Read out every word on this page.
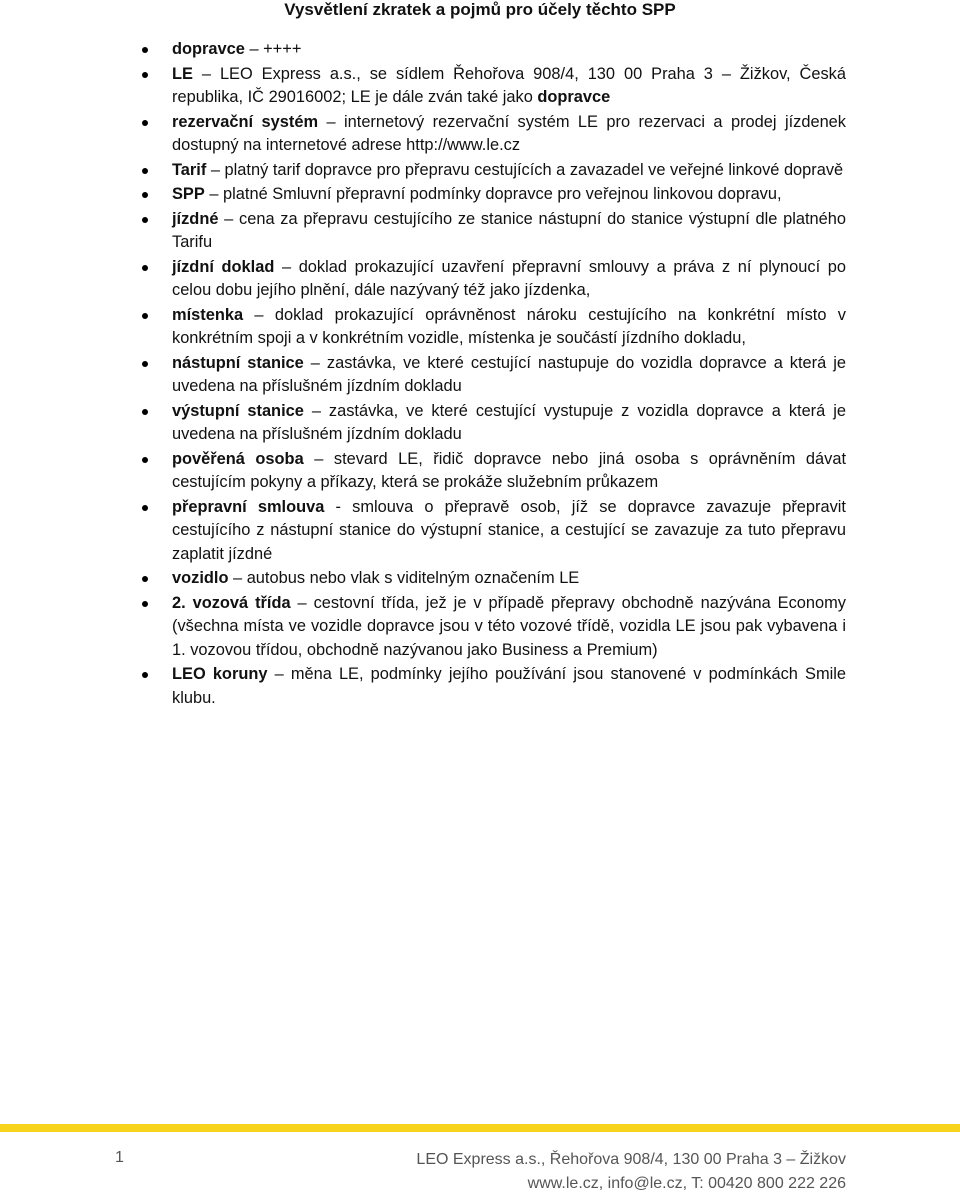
Vysvětlení zkratek a pojmů pro účely těchto SPP
dopravce – ++++
LE – LEO Express a.s., se sídlem Řehořova 908/4, 130 00 Praha 3 – Žižkov, Česká republika, IČ 29016002; LE je dále zván také jako dopravce
rezervační systém – internetový rezervační systém LE pro rezervaci a prodej jízdenek dostupný na internetové adrese http://www.le.cz
Tarif – platný tarif dopravce pro přepravu cestujících a zavazadel ve veřejné linkové dopravě
SPP – platné Smluvní přepravní podmínky dopravce pro veřejnou linkovou dopravu,
jízdné – cena za přepravu cestujícího ze stanice nástupní do stanice výstupní dle platného Tarifu
jízdní doklad – doklad prokazující uzavření přepravní smlouvy a práva z ní plynoucí po celou dobu jejího plnění, dále nazývaný též jako jízdenka,
místenka – doklad prokazující oprávněnost nároku cestujícího na konkrétní místo v konkrétním spoji a v konkrétním vozidle, místenka je součástí jízdního dokladu,
nástupní stanice – zastávka, ve které cestující nastupuje do vozidla dopravce a která je uvedena na příslušném jízdním dokladu
výstupní stanice – zastávka, ve které cestující vystupuje z vozidla dopravce a která je uvedena na příslušném jízdním dokladu
pověřená osoba – stevard LE, řidič dopravce nebo jiná osoba s oprávněním dávat cestujícím pokyny a příkazy, která se prokáže služebním průkazem
přepravní smlouva - smlouva o přepravě osob, jíž se dopravce zavazuje přepravit cestujícího z nástupní stanice do výstupní stanice, a cestující se zavazuje za tuto přepravu zaplatit jízdné
vozidlo – autobus nebo vlak s viditelným označením LE
2. vozová třída – cestovní třída, jež je v případě přepravy obchodně nazývána Economy (všechna místa ve vozidle dopravce jsou v této vozové třídě, vozidla LE jsou pak vybavena i 1. vozovou třídou, obchodně nazývanou jako Business a Premium)
LEO koruny – měna LE, podmínky jejího používání jsou stanovené v podmínkách Smile klubu.
1	LEO Express a.s., Řehořova 908/4, 130 00 Praha 3 – Žižkov
www.le.cz, info@le.cz, T: 00420 800 222 226
